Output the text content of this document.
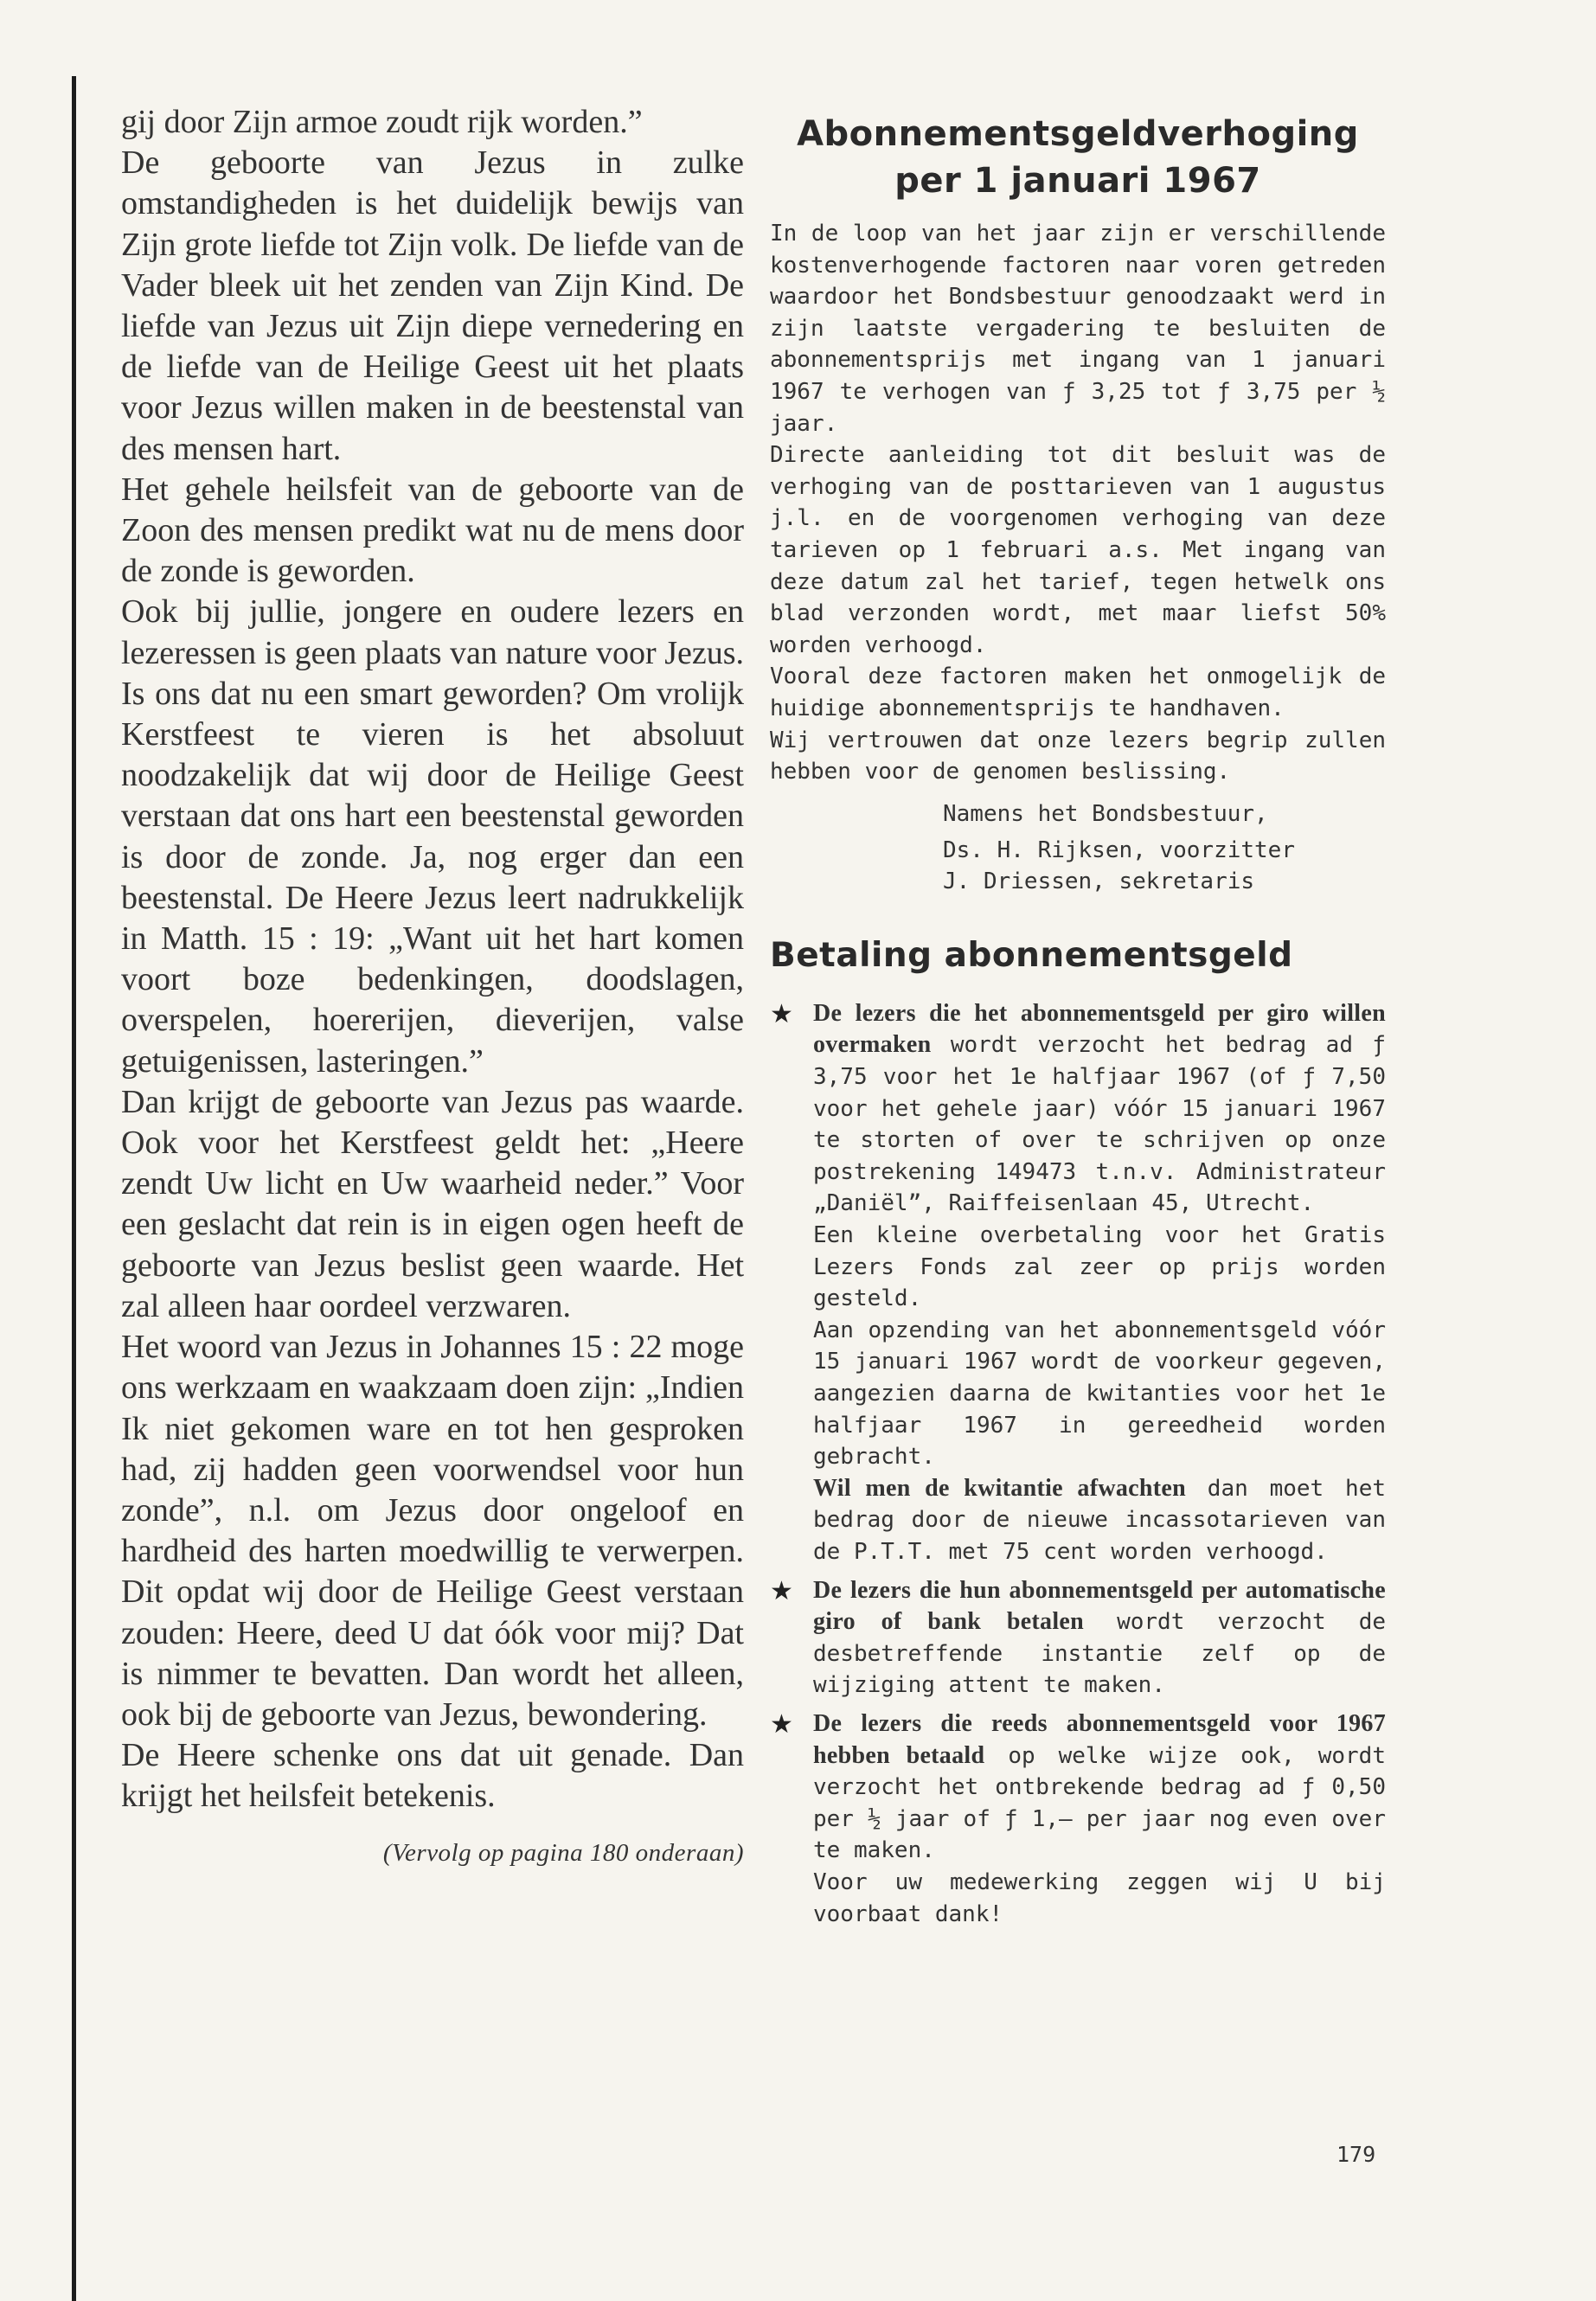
gij door Zijn armoe zoudt rijk worden.”

De geboorte van Jezus in zulke omstandigheden is het duidelijk bewijs van Zijn grote liefde tot Zijn volk. De liefde van de Vader bleek uit het zenden van Zijn Kind. De liefde van Jezus uit Zijn diepe vernedering en de liefde van de Heilige Geest uit het plaats voor Jezus willen maken in de beestenstal van des mensen hart.

Het gehele heilsfeit van de geboorte van de Zoon des mensen predikt wat nu de mens door de zonde is geworden.

Ook bij jullie, jongere en oudere lezers en lezeressen is geen plaats van nature voor Jezus. Is ons dat nu een smart geworden? Om vrolijk Kerstfeest te vieren is het absoluut noodzakelijk dat wij door de Heilige Geest verstaan dat ons hart een beestenstal geworden is door de zonde. Ja, nog erger dan een beestenstal. De Heere Jezus leert nadrukkelijk in Matth. 15 : 19: „Want uit het hart komen voort boze bedenkingen, doodslagen, overspelen, hoererijen, dieverijen, valse getuigenissen, lasteringen.”

Dan krijgt de geboorte van Jezus pas waarde. Ook voor het Kerstfeest geldt het: „Heere zendt Uw licht en Uw waarheid neder.” Voor een geslacht dat rein is in eigen ogen heeft de geboorte van Jezus beslist geen waarde. Het zal alleen haar oordeel verzwaren.

Het woord van Jezus in Johannes 15 : 22 moge ons werkzaam en waakzaam doen zijn: „Indien Ik niet gekomen ware en tot hen gesproken had, zij hadden geen voorwendsel voor hun zonde”, n.l. om Jezus door ongeloof en hardheid des harten moedwillig te verwerpen. Dit opdat wij door de Heilige Geest verstaan zouden: Heere, deed U dat óók voor mij? Dat is nimmer te bevatten. Dan wordt het alleen, ook bij de geboorte van Jezus, bewondering.

De Heere schenke ons dat uit genade. Dan krijgt het heilsfeit betekenis.

(Vervolg op pagina 180 onderaan)

Abonnementsgeldverhoging
per 1 januari 1967

In de loop van het jaar zijn er verschillende kostenverhogende factoren naar voren getreden waardoor het Bondsbestuur genoodzaakt werd in zijn laatste vergadering te besluiten de abonnementsprijs met ingang van 1 januari 1967 te verhogen van ƒ 3,25 tot ƒ 3,75 per ½ jaar.

Directe aanleiding tot dit besluit was de verhoging van de posttarieven van 1 augustus j.l. en de voorgenomen verhoging van deze tarieven op 1 februari a.s. Met ingang van deze datum zal het tarief, tegen hetwelk ons blad verzonden wordt, met maar liefst 50% worden verhoogd.

Vooral deze factoren maken het onmogelijk de huidige abonnementsprijs te handhaven.

Wij vertrouwen dat onze lezers begrip zullen hebben voor de genomen beslissing.

Namens het Bondsbestuur,

Ds. H. Rijksen, voorzitter

J. Driessen, sekretaris

Betaling abonnementsgeld
★ De lezers die het abonnementsgeld per giro willen overmaken wordt verzocht het bedrag ad ƒ 3,75 voor het 1e halfjaar 1967 (of ƒ 7,50 voor het gehele jaar) vóór 15 januari 1967 te storten of over te schrijven op onze postrekening 149473 t.n.v. Administrateur „Daniël”, Raiffeisenlaan 45, Utrecht.

Een kleine overbetaling voor het Gratis Lezers Fonds zal zeer op prijs worden gesteld.

Aan opzending van het abonnementsgeld vóór 15 januari 1967 wordt de voorkeur gegeven, aangezien daarna de kwitanties voor het 1e halfjaar 1967 in gereedheid worden gebracht.

Wil men de kwitantie afwachten dan moet het bedrag door de nieuwe incassotarieven van de P.T.T. met 75 cent worden verhoogd.

★ De lezers die hun abonnementsgeld per automatische giro of bank betalen wordt verzocht de desbetreffende instantie zelf op de wijziging attent te maken.

★ De lezers die reeds abonnementsgeld voor 1967 hebben betaald op welke wijze ook, wordt verzocht het ontbrekende bedrag ad ƒ 0,50 per ½ jaar of ƒ 1,— per jaar nog even over te maken.

Voor uw medewerking zeggen wij U bij voorbaat dank!

179
